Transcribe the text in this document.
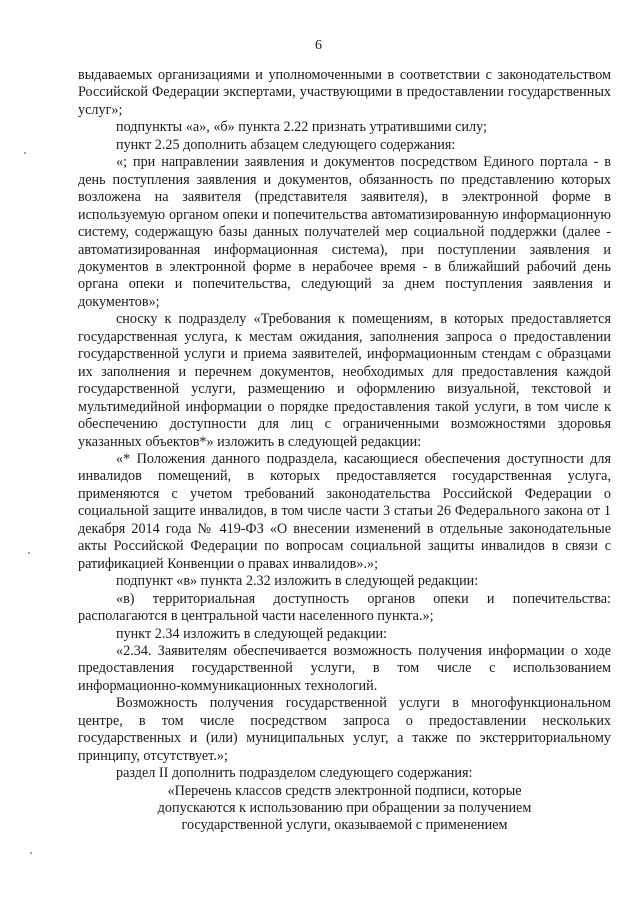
6

выдаваемых организациями и уполномоченными в соответствии с законодательством Российской Федерации экспертами, участвующими в предоставлении государственных услуг»;

подпункты «а», «б» пункта 2.22 признать утратившими силу;

пункт 2.25 дополнить абзацем следующего содержания:

«; при направлении заявления и документов посредством Единого портала - в день поступления заявления и документов, обязанность по представлению которых возложена на заявителя (представителя заявителя), в электронной форме в используемую органом опеки и попечительства автоматизированную информационную систему, содержащую базы данных получателей мер социальной поддержки (далее - автоматизированная информационная система), при поступлении заявления и документов в электронной форме в нерабочее время - в ближайший рабочий день органа опеки и попечительства, следующий за днем поступления заявления и документов»;

сноску к подразделу «Требования к помещениям, в которых предоставляется государственная услуга, к местам ожидания, заполнения запроса о предоставлении государственной услуги и приема заявителей, информационным стендам с образцами их заполнения и перечнем документов, необходимых для предоставления каждой государственной услуги, размещению и оформлению визуальной, текстовой и мультимедийной информации о порядке предоставления такой услуги, в том числе к обеспечению доступности для лиц с ограниченными возможностями здоровья указанных объектов*» изложить в следующей редакции:

«* Положения данного подраздела, касающиеся обеспечения доступности для инвалидов помещений, в которых предоставляется государственная услуга, применяются с учетом требований законодательства Российской Федерации о социальной защите инвалидов, в том числе части 3 статьи 26 Федерального закона от 1 декабря 2014 года № 419-ФЗ «О внесении изменений в отдельные законодательные акты Российской Федерации по вопросам социальной защиты инвалидов в связи с ратификацией Конвенции о правах инвалидов».»;

подпункт «в» пункта 2.32 изложить в следующей редакции:

«в) территориальная доступность органов опеки и попечительства: располагаются в центральной части населенного пункта.»;

пункт 2.34 изложить в следующей редакции:

«2.34. Заявителям обеспечивается возможность получения информации о ходе предоставления государственной услуги, в том числе с использованием информационно-коммуникационных технологий.

Возможность получения государственной услуги в многофункциональном центре, в том числе посредством запроса о предоставлении нескольких государственных и (или) муниципальных услуг, а также по экстерриториальному принципу, отсутствует.»;

раздел II дополнить подразделом следующего содержания:

«Перечень классов средств электронной подписи, которые

допускаются к использованию при обращении за получением

государственной услуги, оказываемой с применением
